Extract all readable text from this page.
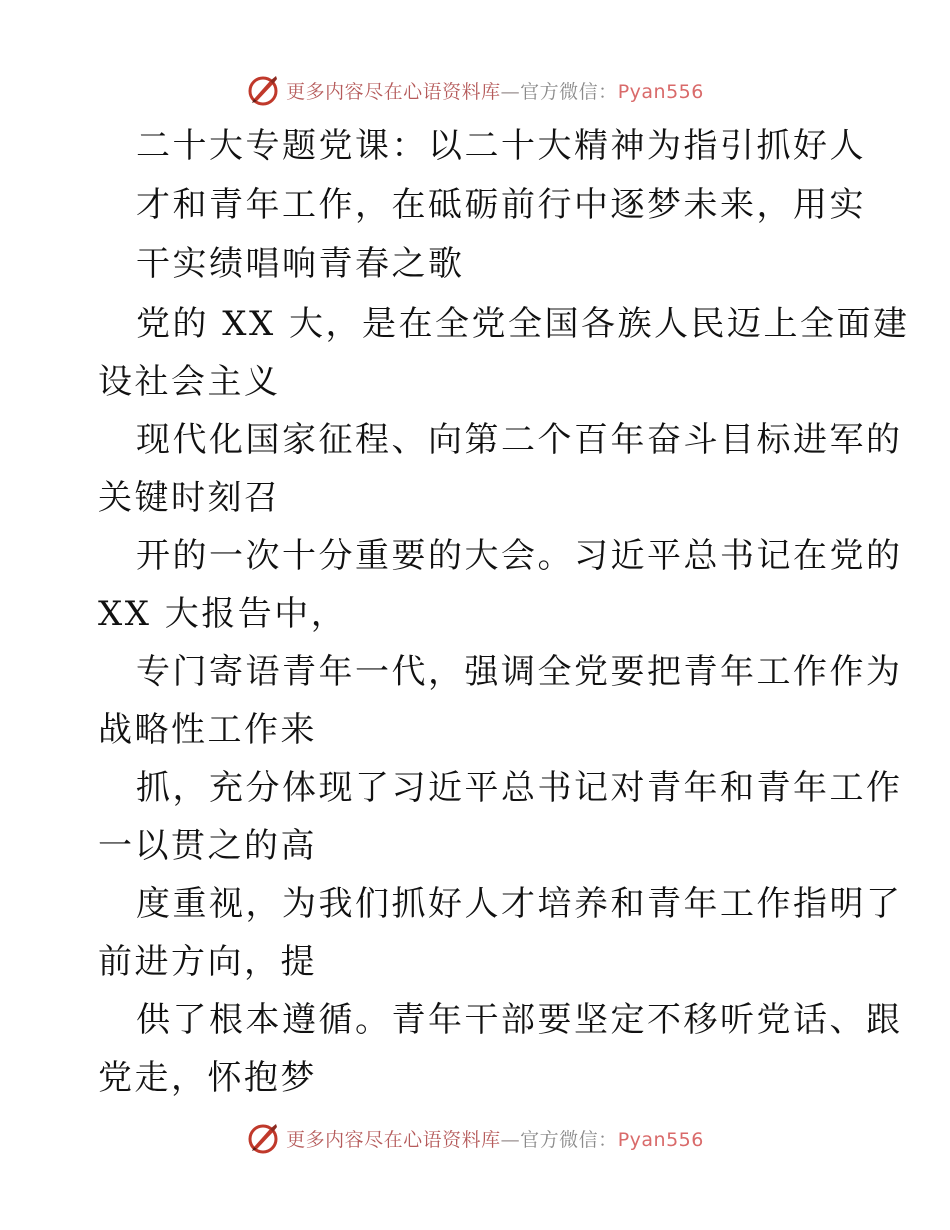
更多内容尽在心语资料库—官方微信：Pyan556
二十大专题党课：以二十大精神为指引抓好人
才和青年工作，在砥砺前行中逐梦未来，用实
干实绩唱响青春之歌
党的 XX 大，是在全党全国各族人民迈上全面建
设社会主义
现代化国家征程、向第二个百年奋斗目标进军的
关键时刻召
开的一次十分重要的大会。习近平总书记在党的
XX 大报告中，
专门寄语青年一代，强调全党要把青年工作作为
战略性工作来
抓，充分体现了习近平总书记对青年和青年工作
一以贯之的高
度重视，为我们抓好人才培养和青年工作指明了
前进方向，提
供了根本遵循。青年干部要坚定不移听党话、跟
党走，怀抱梦
更多内容尽在心语资料库—官方微信：Pyan556
